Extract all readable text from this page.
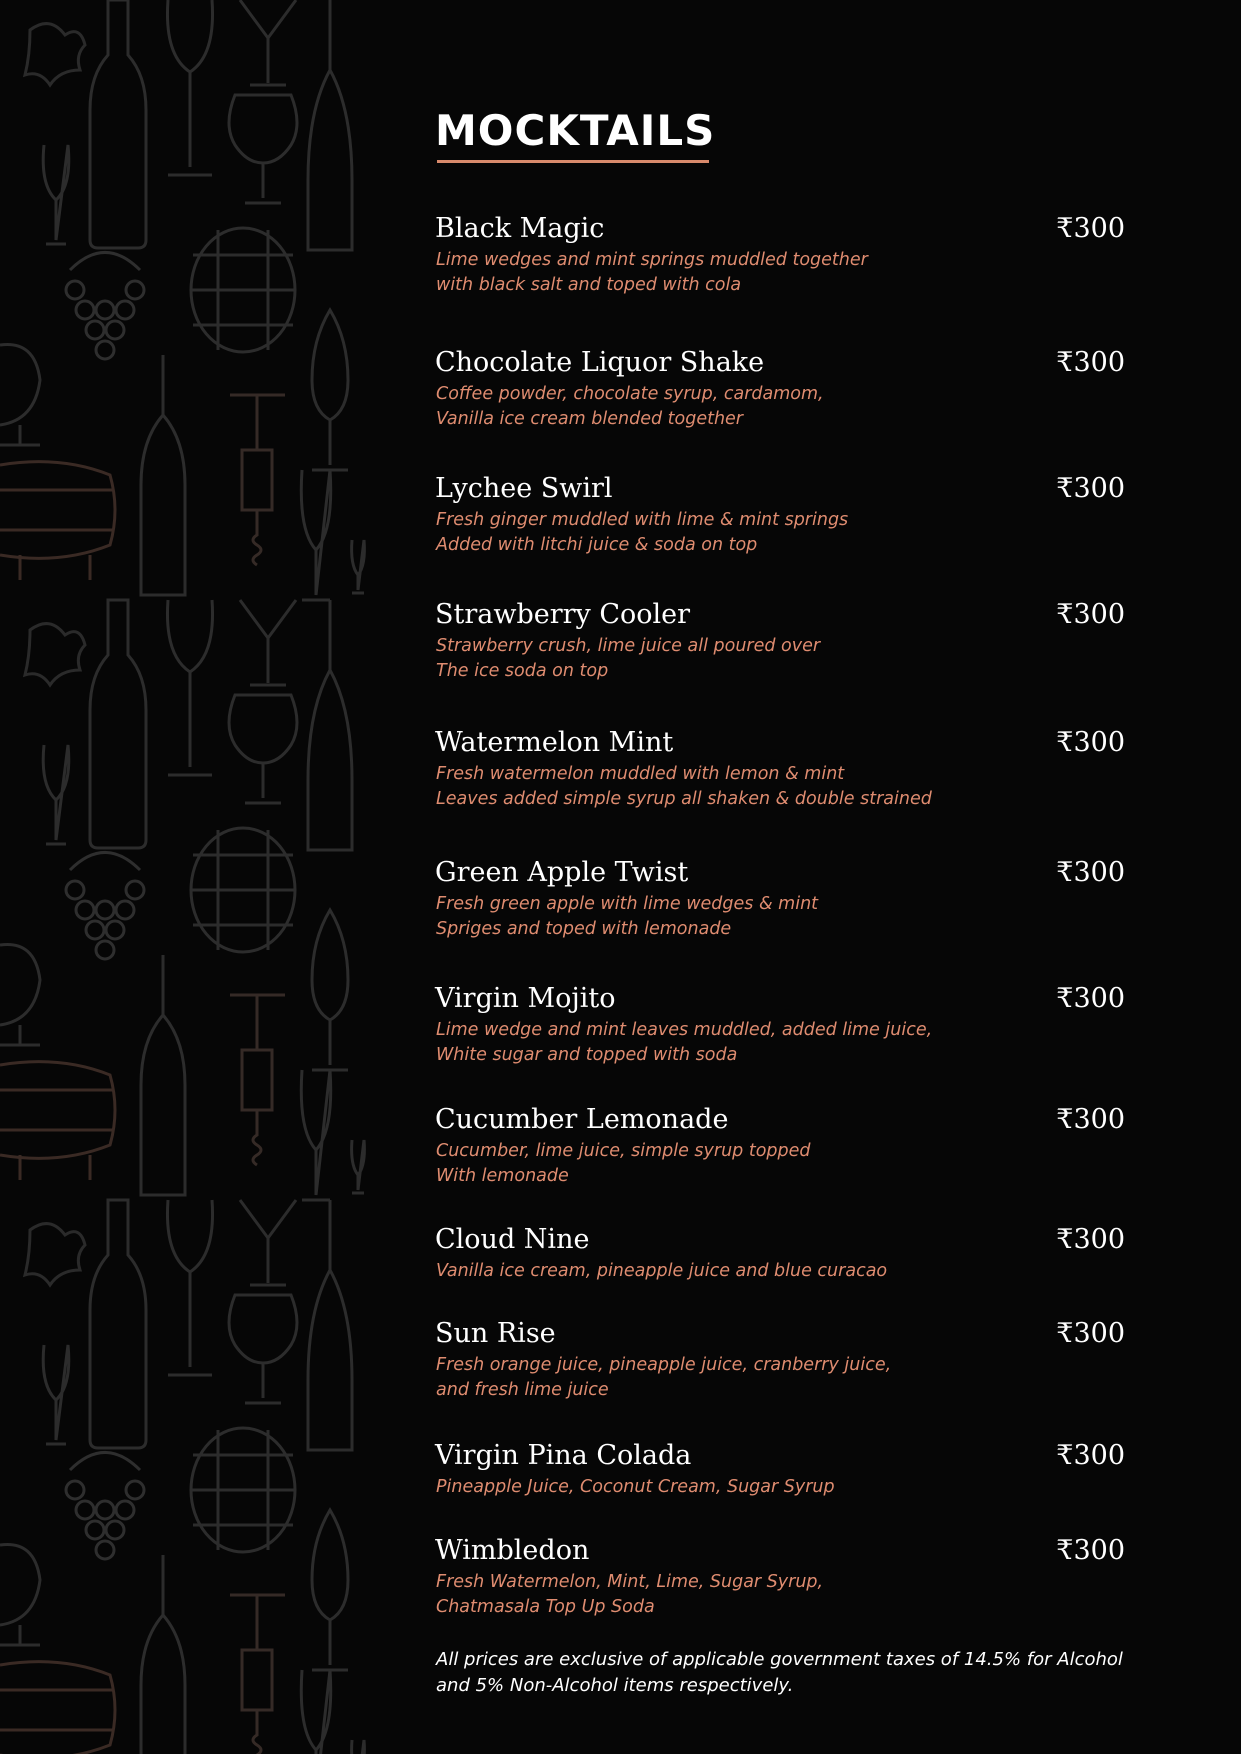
MOCKTAILS
Black Magic	₹300
Lime wedges and mint springs muddled together
with black salt and toped with cola
Chocolate Liquor Shake	₹300
Coffee powder, chocolate syrup, cardamom,
Vanilla ice cream blended together
Lychee Swirl	₹300
Fresh ginger muddled with lime & mint springs
Added with litchi juice & soda on top
Strawberry Cooler	₹300
Strawberry crush, lime juice all poured over
The ice soda on top
Watermelon Mint	₹300
Fresh watermelon muddled with lemon & mint
Leaves added simple syrup all shaken & double strained
Green Apple Twist	₹300
Fresh green apple with lime wedges & mint
Spriges and toped with lemonade
Virgin Mojito	₹300
Lime wedge and mint leaves muddled, added lime juice,
White sugar and topped with soda
Cucumber Lemonade	₹300
Cucumber, lime juice, simple syrup topped
With lemonade
Cloud Nine	₹300
Vanilla ice cream, pineapple juice and blue curacao
Sun Rise	₹300
Fresh orange juice, pineapple juice, cranberry juice,
and fresh lime juice
Virgin Pina Colada	₹300
Pineapple Juice, Coconut Cream, Sugar Syrup
Wimbledon	₹300
Fresh Watermelon, Mint, Lime, Sugar Syrup,
Chatmasala Top Up Soda

All prices are exclusive of applicable government taxes of 14.5% for Alcohol
and 5% Non-Alcohol items respectively.
